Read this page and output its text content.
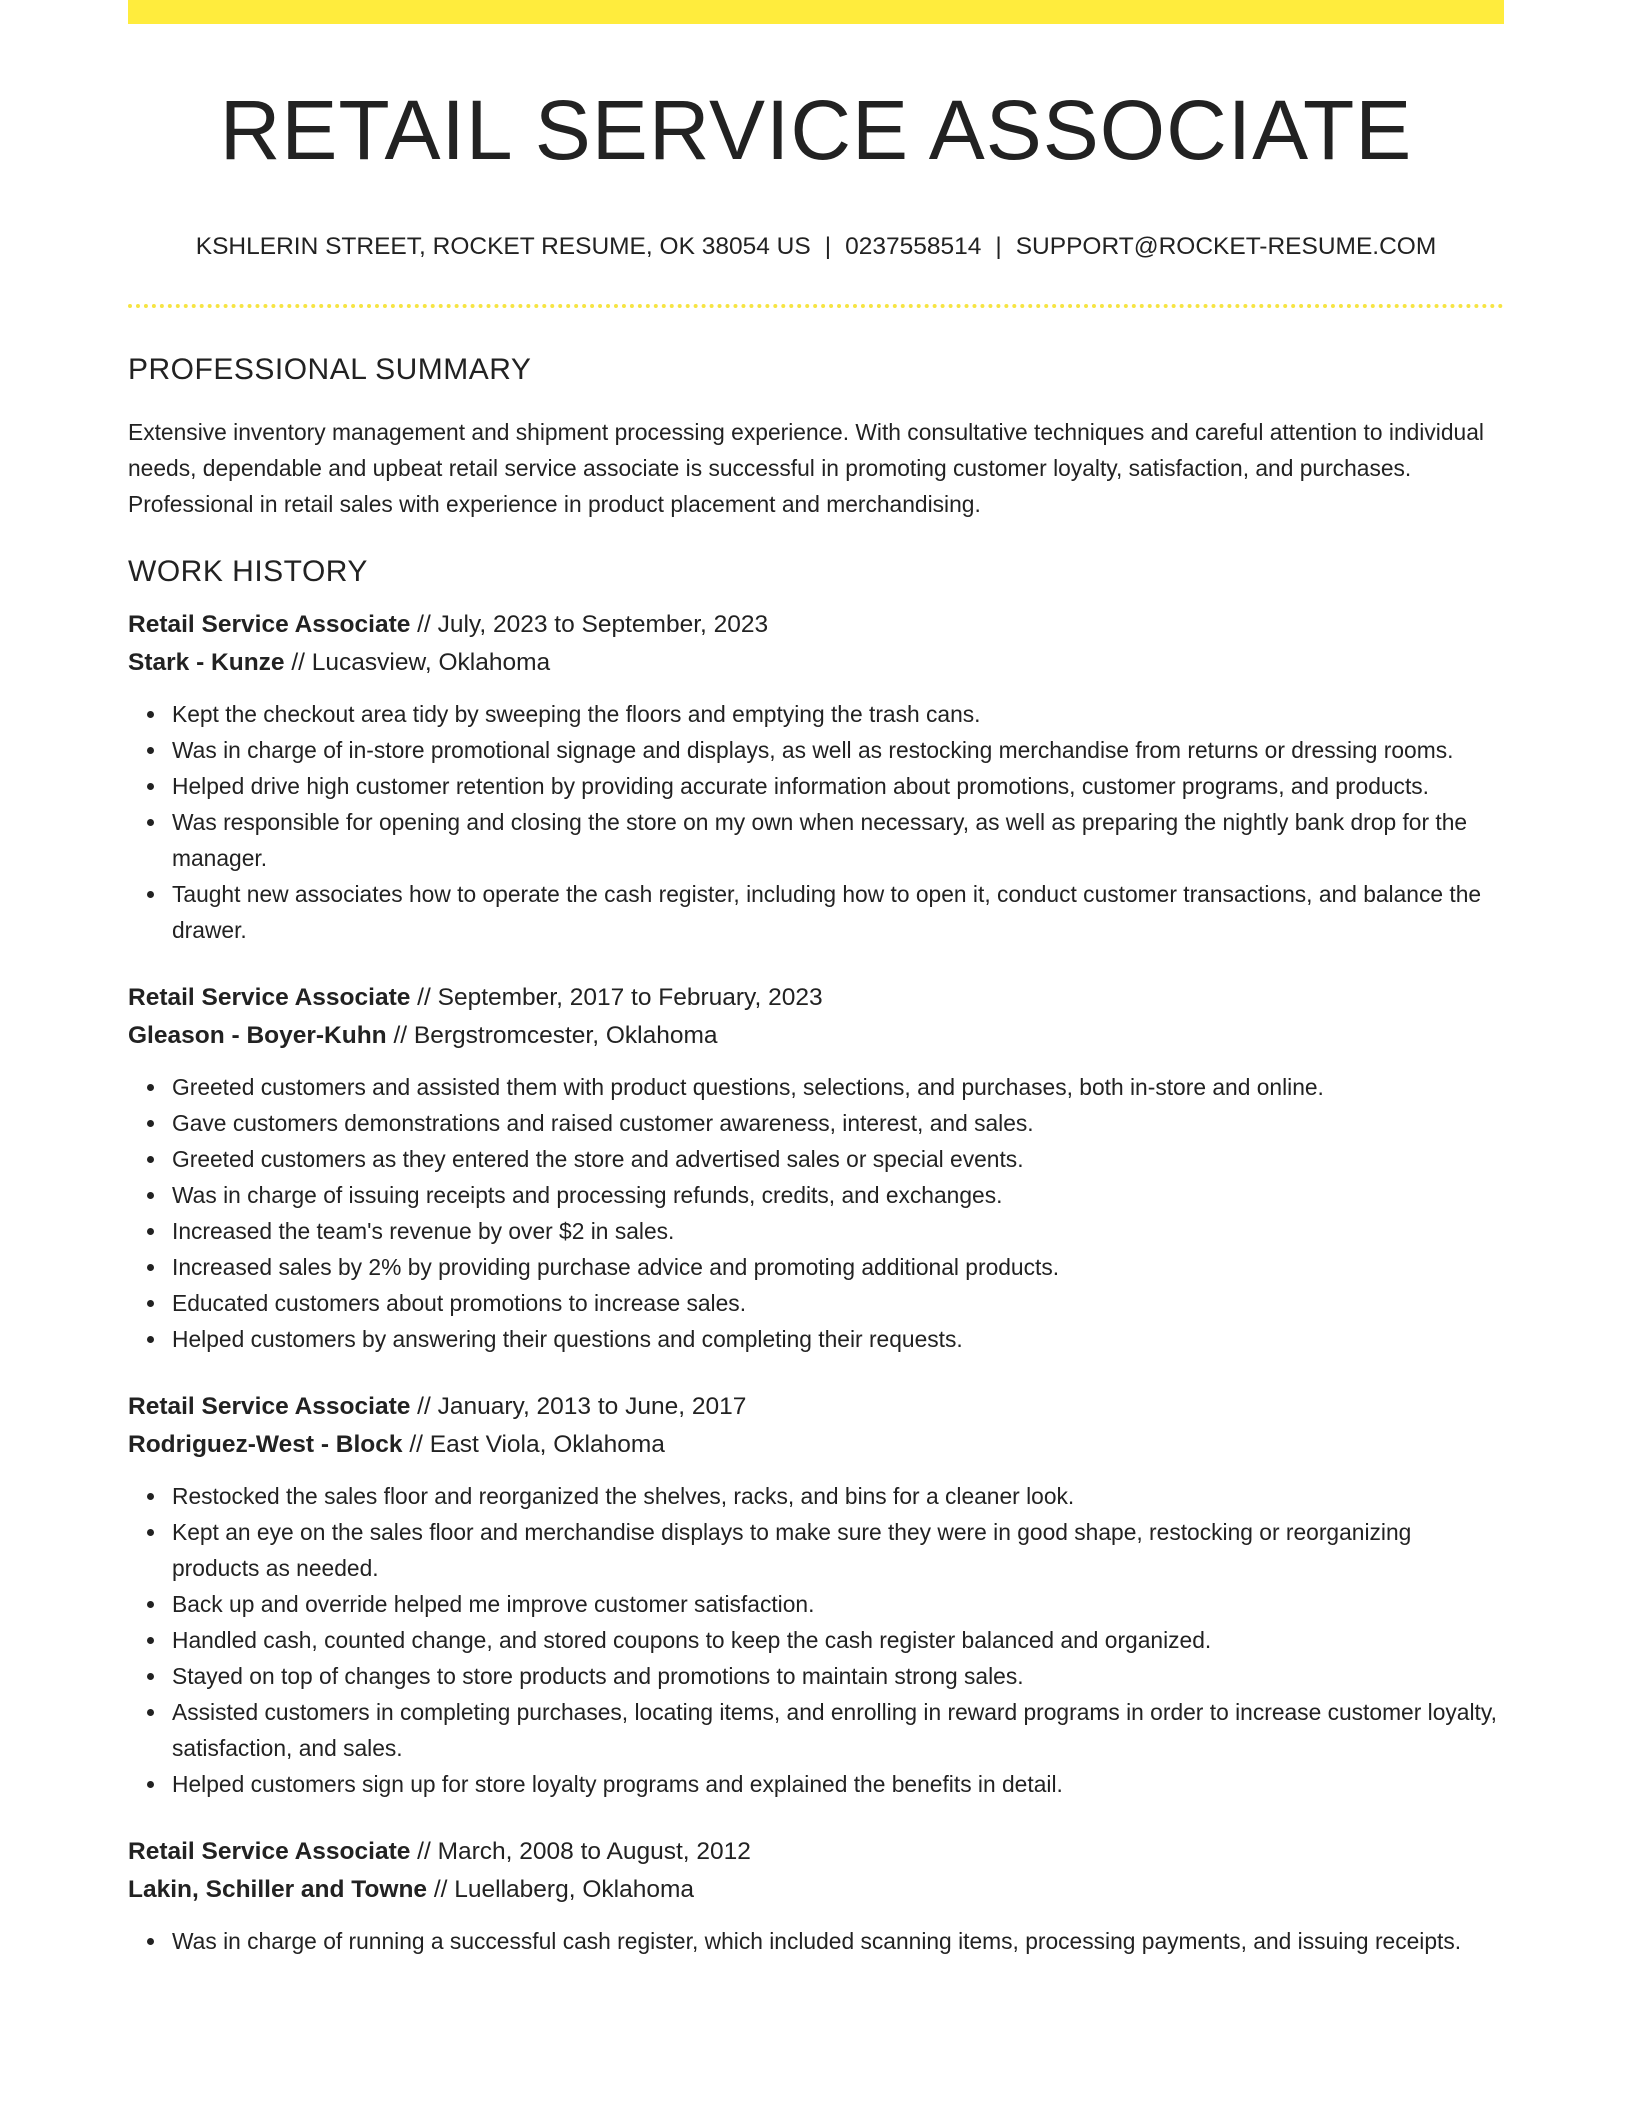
RETAIL SERVICE ASSOCIATE
KSHLERIN STREET, ROCKET RESUME, OK 38054 US | 0237558514 | SUPPORT@ROCKET-RESUME.COM
PROFESSIONAL SUMMARY

Extensive inventory management and shipment processing experience. With consultative techniques and careful attention to individual needs, dependable and upbeat retail service associate is successful in promoting customer loyalty, satisfaction, and purchases. Professional in retail sales with experience in product placement and merchandising.

WORK HISTORY

Retail Service Associate // July, 2023 to September, 2023

Stark - Kunze // Lucasview, Oklahoma

Kept the checkout area tidy by sweeping the floors and emptying the trash cans.
Was in charge of in-store promotional signage and displays, as well as restocking merchandise from returns or dressing rooms.
Helped drive high customer retention by providing accurate information about promotions, customer programs, and products.
Was responsible for opening and closing the store on my own when necessary, as well as preparing the nightly bank drop for the manager.
Taught new associates how to operate the cash register, including how to open it, conduct customer transactions, and balance the drawer.

Retail Service Associate // September, 2017 to February, 2023

Gleason - Boyer-Kuhn // Bergstromcester, Oklahoma

Greeted customers and assisted them with product questions, selections, and purchases, both in-store and online.
Gave customers demonstrations and raised customer awareness, interest, and sales.
Greeted customers as they entered the store and advertised sales or special events.
Was in charge of issuing receipts and processing refunds, credits, and exchanges.
Increased the team's revenue by over $2 in sales.
Increased sales by 2% by providing purchase advice and promoting additional products.
Educated customers about promotions to increase sales.
Helped customers by answering their questions and completing their requests.

Retail Service Associate // January, 2013 to June, 2017

Rodriguez-West - Block // East Viola, Oklahoma

Restocked the sales floor and reorganized the shelves, racks, and bins for a cleaner look.
Kept an eye on the sales floor and merchandise displays to make sure they were in good shape, restocking or reorganizing products as needed.
Back up and override helped me improve customer satisfaction.
Handled cash, counted change, and stored coupons to keep the cash register balanced and organized.
Stayed on top of changes to store products and promotions to maintain strong sales.
Assisted customers in completing purchases, locating items, and enrolling in reward programs in order to increase customer loyalty, satisfaction, and sales.
Helped customers sign up for store loyalty programs and explained the benefits in detail.

Retail Service Associate // March, 2008 to August, 2012

Lakin, Schiller and Towne // Luellaberg, Oklahoma

Was in charge of running a successful cash register, which included scanning items, processing payments, and issuing receipts.
